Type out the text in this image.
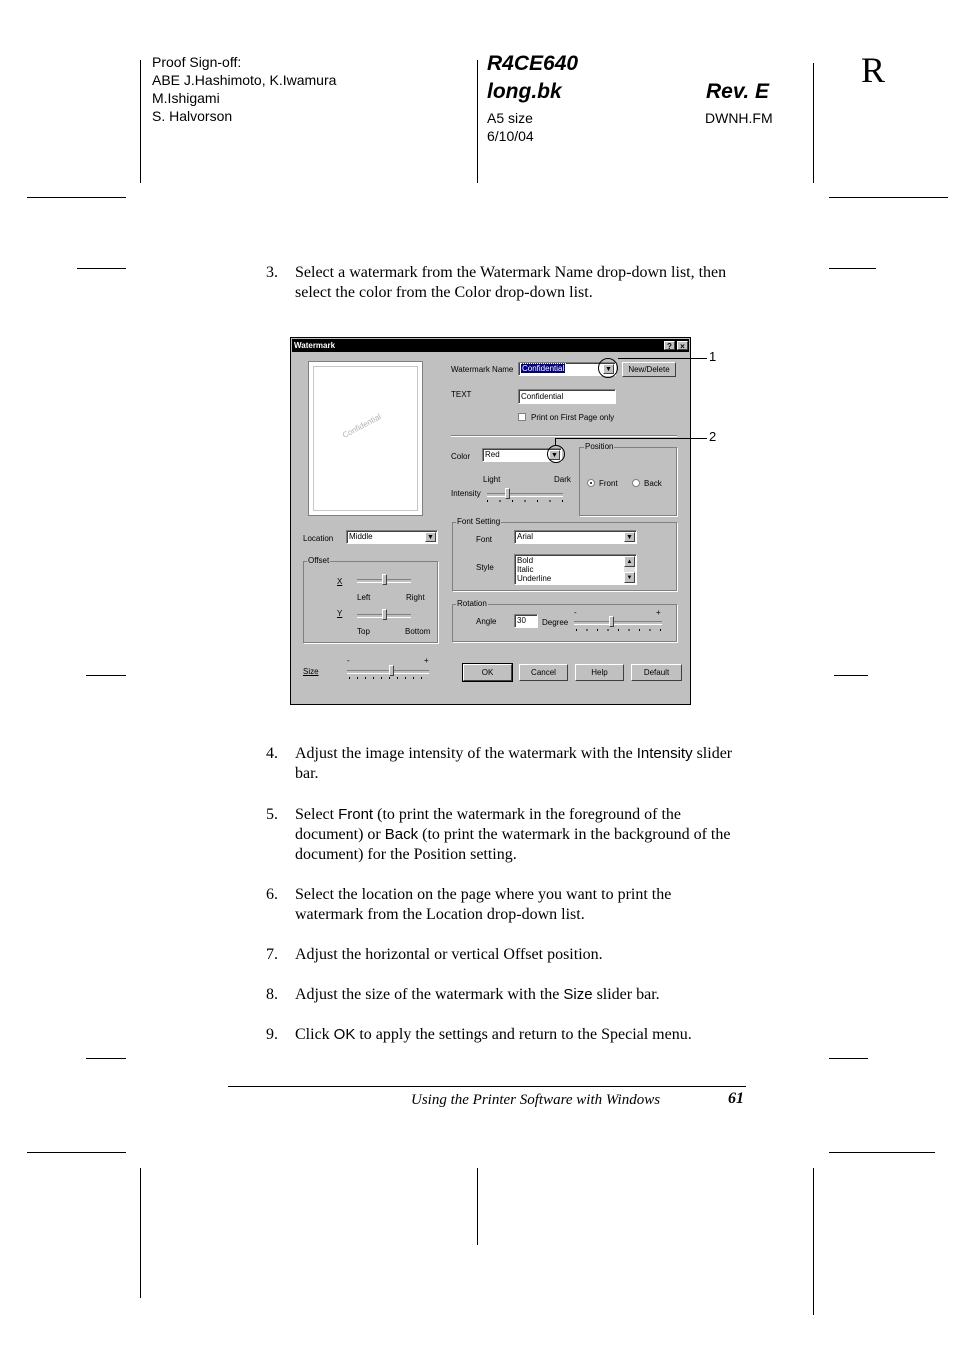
Proof Sign-off:
ABE J.Hashimoto, K.Iwamura
M.Ishigami
S. Halvorson
R4CE640
long.bk
A5 size
6/10/04
Rev. E
DWNH.FM
R
3. Select a watermark from the Watermark Name drop-down list, then select the color from the Color drop-down list.
Watermark	?	×
Confidential
Watermark Name	Confidential	▼	New/Delete
TEXT	Confidential
Print on First Page only
Color	Red	▼
Light	Dark
Intensity
Position
Front	Back
Location	Middle	▼
Offset
X
Left	Right
Y
Top	Bottom
Size
-	+
Font Setting
Font	Arial	▼
Style
Bold
Italic
Underline
▲
▼
Rotation
Angle	30	Degree
-	+
OK	Cancel	Help	Default
1
2
4. Adjust the image intensity of the watermark with the Intensity slider bar.
5. Select Front (to print the watermark in the foreground of the document) or Back (to print the watermark in the background of the document) for the Position setting.
6. Select the location on the page where you want to print the watermark from the Location drop-down list.
7. Adjust the horizontal or vertical Offset position.
8. Adjust the size of the watermark with the Size slider bar.
9. Click OK to apply the settings and return to the Special menu.
Using the Printer Software with Windows	61
